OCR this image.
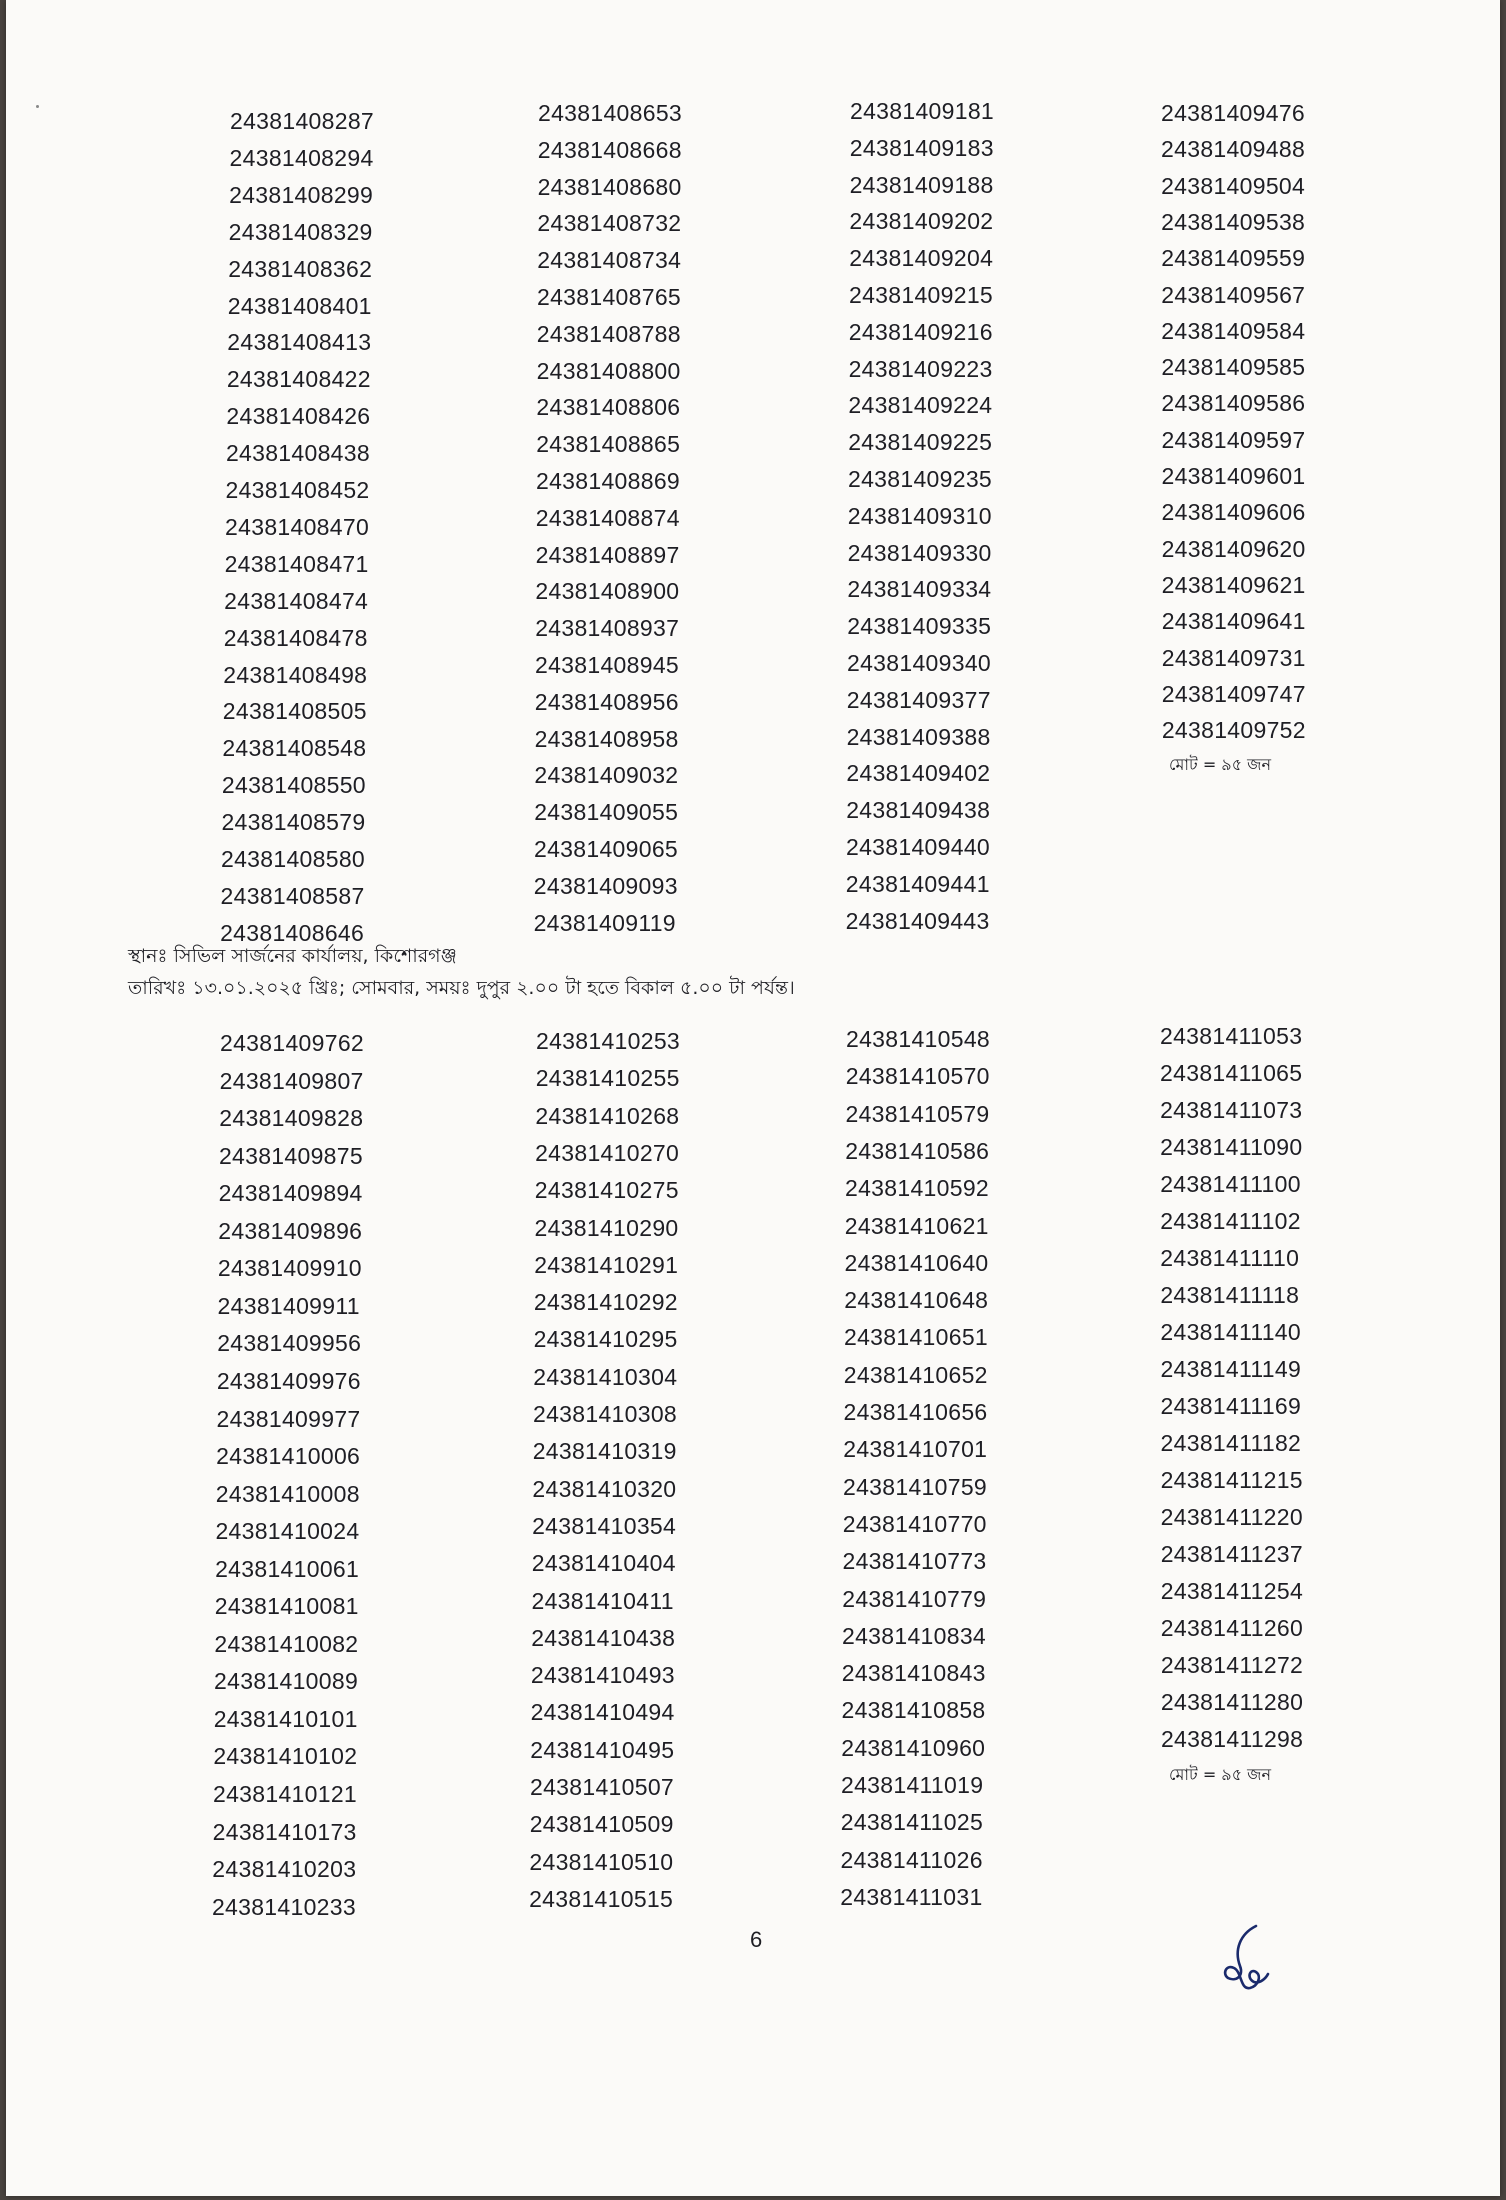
24381408287
24381408294
24381408299
24381408329
24381408362
24381408401
24381408413
24381408422
24381408426
24381408438
24381408452
24381408470
24381408471
24381408474
24381408478
24381408498
24381408505
24381408548
24381408550
24381408579
24381408580
24381408587
24381408646
24381408653
24381408668
24381408680
24381408732
24381408734
24381408765
24381408788
24381408800
24381408806
24381408865
24381408869
24381408874
24381408897
24381408900
24381408937
24381408945
24381408956
24381408958
24381409032
24381409055
24381409065
24381409093
24381409119
24381409181
24381409183
24381409188
24381409202
24381409204
24381409215
24381409216
24381409223
24381409224
24381409225
24381409235
24381409310
24381409330
24381409334
24381409335
24381409340
24381409377
24381409388
24381409402
24381409438
24381409440
24381409441
24381409443
24381409476
24381409488
24381409504
24381409538
24381409559
24381409567
24381409584
24381409585
24381409586
24381409597
24381409601
24381409606
24381409620
24381409621
24381409641
24381409731
24381409747
24381409752
মোট = ৯৫ জন
স্থানঃ সিভিল সার্জনের কার্যালয়, কিশোরগঞ্জ
তারিখঃ ১৩.০১.২০২৫ খ্রিঃ; সোমবার, সময়ঃ দুপুর ২.০০ টা হতে বিকাল ৫.০০ টা পর্যন্ত।
24381409762
24381409807
24381409828
24381409875
24381409894
24381409896
24381409910
24381409911
24381409956
24381409976
24381409977
24381410006
24381410008
24381410024
24381410061
24381410081
24381410082
24381410089
24381410101
24381410102
24381410121
24381410173
24381410203
24381410233
24381410253
24381410255
24381410268
24381410270
24381410275
24381410290
24381410291
24381410292
24381410295
24381410304
24381410308
24381410319
24381410320
24381410354
24381410404
24381410411
24381410438
24381410493
24381410494
24381410495
24381410507
24381410509
24381410510
24381410515
24381410548
24381410570
24381410579
24381410586
24381410592
24381410621
24381410640
24381410648
24381410651
24381410652
24381410656
24381410701
24381410759
24381410770
24381410773
24381410779
24381410834
24381410843
24381410858
24381410960
24381411019
24381411025
24381411026
24381411031
24381411053
24381411065
24381411073
24381411090
24381411100
24381411102
24381411110
24381411118
24381411140
24381411149
24381411169
24381411182
24381411215
24381411220
24381411237
24381411254
24381411260
24381411272
24381411280
24381411298
মোট = ৯৫ জন
6
